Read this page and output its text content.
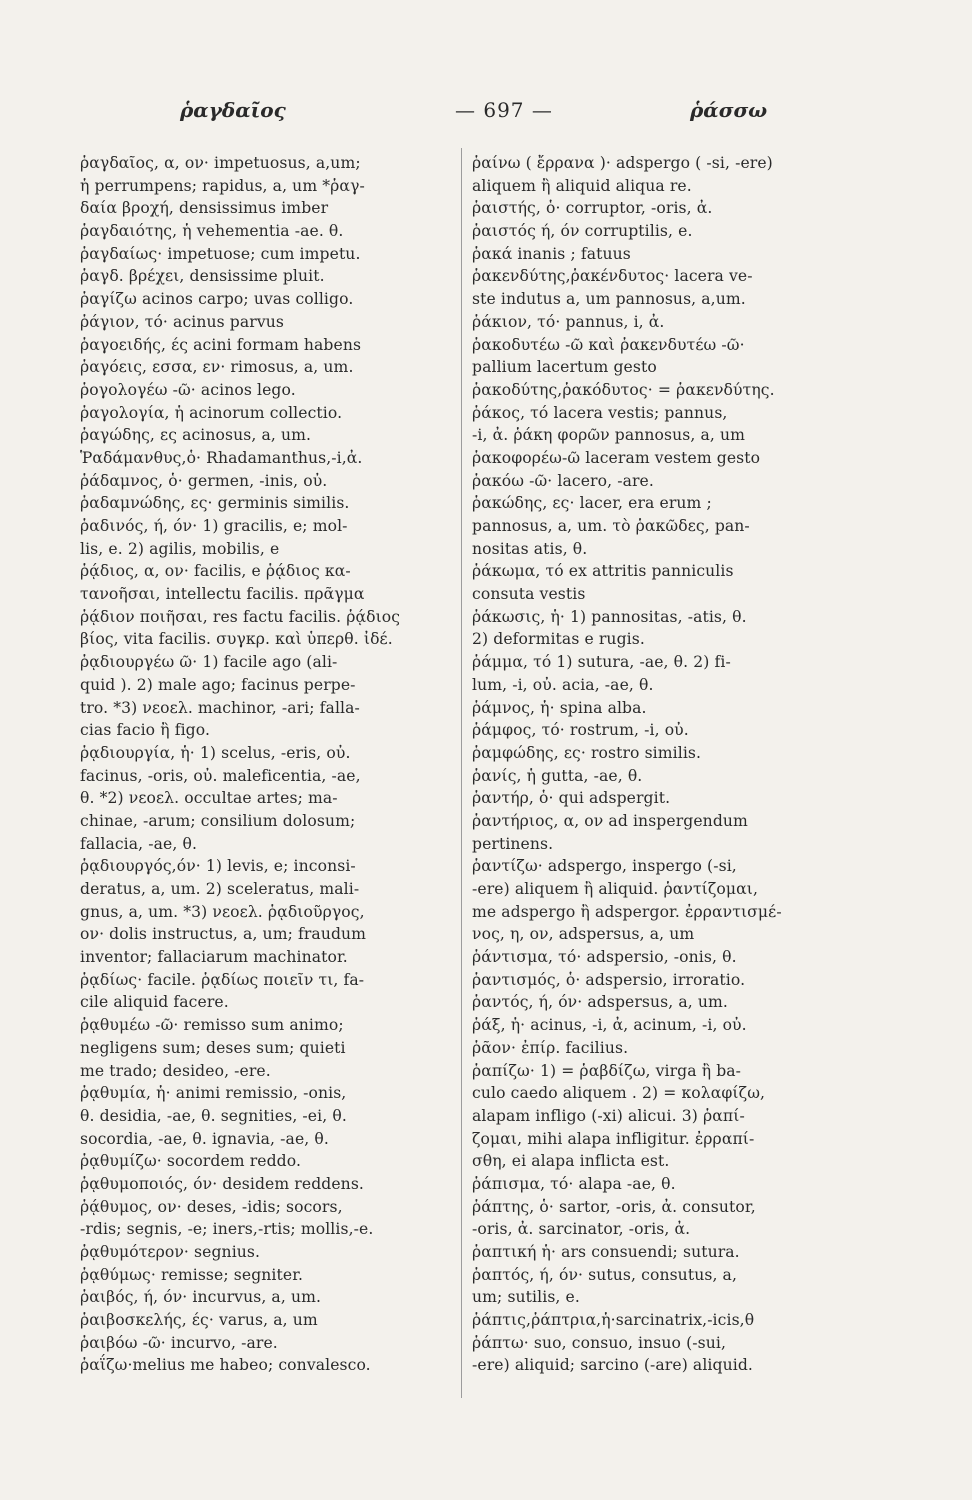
ῥαγδαῖος	— 697 —	ῥάσσω
ῥαγδαῖος, α, ον· impetuosus, a,um;
ἡ perrumpens; rapidus, a, um *ῥαγ-
δαία βροχή, densissimus imber
ῥαγδαιότης, ἡ vehementia -ae. θ.
ῥαγδαίως· impetuose; cum impetu.
ῥαγδ. βρέχει, densissime pluit.
ῥαγίζω acinos carpo; uvas colligo.
ῥάγιον, τό· acinus parvus
ῥαγοειδής, ές acini formam habens
ῥαγόεις, εσσα, εν· rimosus, a, um.
ῥογολογέω -ῶ· acinos lego.
ῥαγολογία, ἡ acinorum collectio.
ῥαγώδης, ες acinosus, a, um.
Ῥαδάμανθυς,ὁ· Rhadamanthus,-i,ἀ.
ῥάδαμνος, ὁ· germen, -inis, οὐ.
ῥαδαμνώδης, ες· germinis similis.
ῥαδινός, ή, όν· 1) gracilis, e; mol-
lis, e. 2) agilis, mobilis, e
ῥᾴδιος, α, ον· facilis, e ῥᾴδιος κα-
τανοῆσαι, intellectu facilis. πρᾶγμα
ῥᾴδιον ποιῆσαι, res factu facilis. ῥᾴδιος
βίος, vita facilis. συγκρ. καὶ ὑπερθ. ἰδέ.
ῥᾳδιουργέω ῶ· 1) facile ago (ali-
quid ). 2) male ago; facinus perpe-
tro. *3) νεοελ. machinor, -ari; falla-
cias facio ἢ figo.
ῥᾳδιουργία, ἡ· 1) scelus, -eris, οὐ.
facinus, -oris, οὐ. maleficentia, -ae,
θ. *2) νεοελ. occultae artes; ma-
chinae, -arum; consilium dolosum;
fallacia, -ae, θ.
ῥᾳδιουργός,όν· 1) levis, e; inconsi-
deratus, a, um. 2) sceleratus, mali-
gnus, a, um. *3) νεοελ. ῥᾳδιοῦργος,
ον· dolis instructus, a, um; fraudum
inventor; fallaciarum machinator.
ῥᾳδίως· facile. ῥᾳδίως ποιεῖν τι, fa-
cile aliquid facere.
ῥᾳθυμέω -ῶ· remisso sum animo;
negligens sum; deses sum; quieti
me trado; desideo, -ere.
ῥᾳθυμία, ἡ· animi remissio, -onis,
θ. desidia, -ae, θ. segnities, -ei, θ.
socordia, -ae, θ. ignavia, -ae, θ.
ῥᾳθυμίζω· socordem reddo.
ῥᾳθυμοποιός, όν· desidem reddens.
ῥᾴθυμος, ον· deses, -idis; socors,
-rdis; segnis, -e; iners,-rtis; mollis,-e.
ῥᾳθυμότερον· segnius.
ῥᾳθύμως· remisse; segniter.
ῥαιβός, ή, όν· incurvus, a, um.
ῥαιβοσκελής, ές· varus, a, um
ῥαιβόω -ῶ· incurvo, -are.
ῥαΐζω·melius me habeo; convalesco.
ῥαίνω ( ἔρρανα )· adspergo ( -si, -ere)
aliquem ἢ aliquid aliqua re.
ῥαιστής, ὁ· corruptor, -oris, ἀ.
ῥαιστός ή, όν corruptilis, e.
ῥακά inanis ; fatuus
ῥακενδύτης,ῥακένδυτος· lacera ve-
ste indutus a, um pannosus, a,um.
ῥάκιον, τό· pannus, i, ἀ.
ῥακοδυτέω -ῶ καὶ ῥακενδυτέω -ῶ·
pallium lacertum gesto
ῥακοδύτης,ῥακόδυτος· = ῥακενδύτης.
ῥάκος, τό lacera vestis; pannus,
-i, ἀ. ῥάκη φορῶν pannosus, a, um
ῥακοφορέω-ῶ laceram vestem gesto
ῥακόω -ῶ· lacero, -are.
ῥακώδης, ες· lacer, era erum ;
pannosus, a, um. τὸ ῥακῶδες, pan-
nositas atis, θ.
ῥάκωμα, τό ex attritis panniculis
consuta vestis
ῥάκωσις, ἡ· 1) pannositas, -atis, θ.
2) deformitas e rugis.
ῥάμμα, τό 1) sutura, -ae, θ. 2) fi-
lum, -i, οὐ. acia, -ae, θ.
ῥάμνος, ἡ· spina alba.
ῥάμφος, τό· rostrum, -i, οὐ.
ῥαμφώδης, ες· rostro similis.
ῥανίς, ἡ gutta, -ae, θ.
ῥαντήρ, ὁ· qui adspergit.
ῥαντήριος, α, ον ad inspergendum
pertinens.
ῥαντίζω· adspergo, inspergo (-si,
-ere) aliquem ἢ aliquid. ῥαντίζομαι,
me adspergo ἢ adspergor. ἐρραντισμέ-
νος, η, ον, adspersus, a, um
ῥάντισμα, τό· adspersio, -onis, θ.
ῥαντισμός, ὁ· adspersio, irroratio.
ῥαντός, ή, όν· adspersus, a, um.
ῥάξ, ἡ· acinus, -i, ἀ, acinum, -i, οὐ.
ῥᾶον· ἐπίρ. facilius.
ῥαπίζω· 1) = ῥαβδίζω, virga ἢ ba-
culo caedo aliquem . 2) = κολαφίζω,
alapam infligo (-xi) alicui. 3) ῥαπί-
ζομαι, mihi alapa infligitur. ἐρραπί-
σθη, ei alapa inflicta est.
ῥάπισμα, τό· alapa -ae, θ.
ῥάπτης, ὁ· sartor, -oris, ἀ. consutor,
-oris, ἀ. sarcinator, -oris, ἀ.
ῥαπτική ἡ· ars consuendi; sutura.
ῥαπτός, ή, όν· sutus, consutus, a,
um; sutilis, e.
ῥάπτις,ῥάπτρια,ἡ·sarcinatrix,-icis,θ
ῥάπτω· suo, consuo, insuo (-sui,
-ere) aliquid; sarcino (-are) aliquid.
